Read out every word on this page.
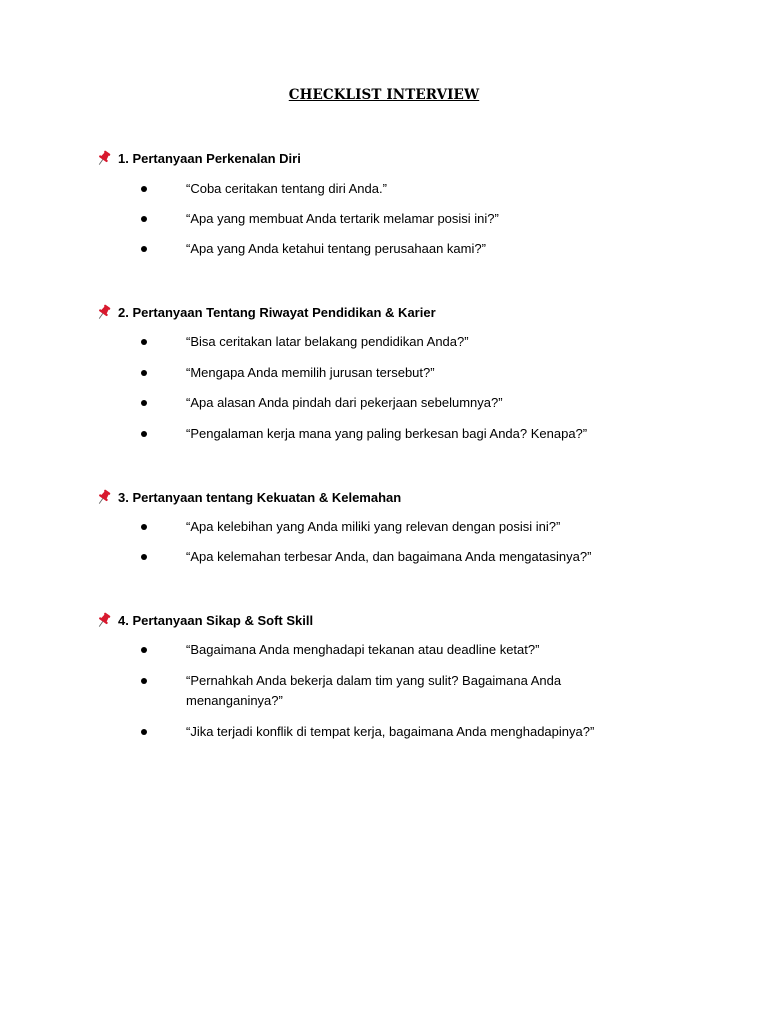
CHECKLIST INTERVIEW
1. Pertanyaan Perkenalan Diri
“Coba ceritakan tentang diri Anda.”
“Apa yang membuat Anda tertarik melamar posisi ini?”
“Apa yang Anda ketahui tentang perusahaan kami?”
2. Pertanyaan Tentang Riwayat Pendidikan & Karier
“Bisa ceritakan latar belakang pendidikan Anda?”
“Mengapa Anda memilih jurusan tersebut?”
“Apa alasan Anda pindah dari pekerjaan sebelumnya?”
“Pengalaman kerja mana yang paling berkesan bagi Anda? Kenapa?”
3. Pertanyaan tentang Kekuatan & Kelemahan
“Apa kelebihan yang Anda miliki yang relevan dengan posisi ini?”
“Apa kelemahan terbesar Anda, dan bagaimana Anda mengatasinya?”
4. Pertanyaan Sikap & Soft Skill
“Bagaimana Anda menghadapi tekanan atau deadline ketat?”
“Pernahkah Anda bekerja dalam tim yang sulit? Bagaimana Anda menanganinya?”
“Jika terjadi konflik di tempat kerja, bagaimana Anda menghadapinya?”
